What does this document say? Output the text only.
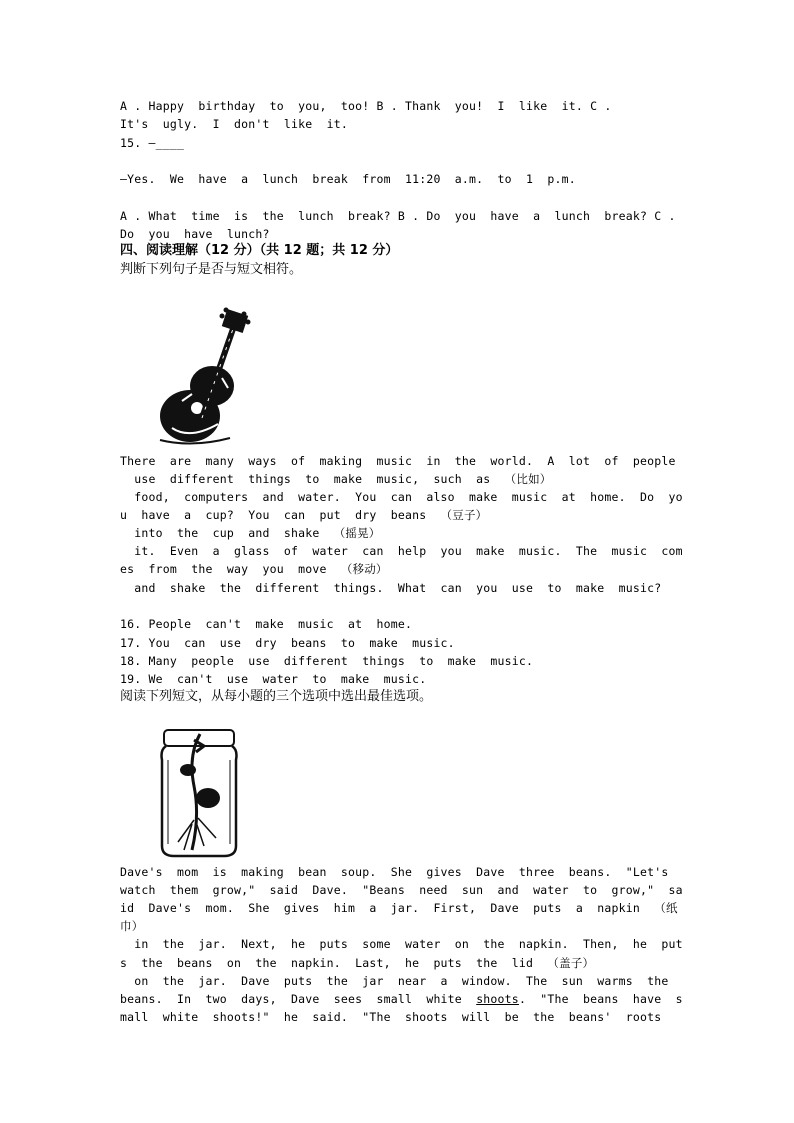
A . Happy  birthday  to  you,  too! B . Thank  you!  I  like  it. C .
It's  ugly.  I  don't  like  it.
15. —____
—Yes.  We  have  a  lunch  break  from  11:20  a.m.  to  1  p.m.
A . What  time  is  the  lunch  break? B . Do  you  have  a  lunch  break? C .
Do  you  have  lunch?
四、阅读理解（12 分）（共 12 题；共 12 分）
判断下列句子是否与短文相符。
There  are  many  ways  of  making  music  in  the  world.  A  lot  of  people
use  different  things  to  make  music,  such  as  （比如）
food,  computers  and  water.  You  can  also  make  music  at  home.  Do  yo
u  have  a  cup?  You  can  put  dry  beans  （豆子）
into  the  cup  and  shake  （摇晃）
it.  Even  a  glass  of  water  can  help  you  make  music.  The  music  com
es  from  the  way  you  move  （移动）
and  shake  the  different  things.  What  can  you  use  to  make  music?
16. People  can't  make  music  at  home.
17. You  can  use  dry  beans  to  make  music.
18. Many  people  use  different  things  to  make  music.
19. We  can't  use  water  to  make  music.
阅读下列短文，从每小题的三个选项中选出最佳选项。
Dave's  mom  is  making  bean  soup.  She  gives  Dave  three  beans.  "Let's
watch  them  grow,"  said  Dave.  "Beans  need  sun  and  water  to  grow,"  sa
id  Dave's  mom.  She  gives  him  a  jar.  First,  Dave  puts  a  napkin  （纸
巾）
in  the  jar.  Next,  he  puts  some  water  on  the  napkin.  Then,  he  put
s  the  beans  on  the  napkin.  Last,  he  puts  the  lid  （盖子）
on  the  jar.  Dave  puts  the  jar  near  a  window.  The  sun  warms  the
beans.  In  two  days,  Dave  sees  small  white  shoots.  "The  beans  have  s
mall  white  shoots!"  he  said.  "The  shoots  will  be  the  beans'  roots
